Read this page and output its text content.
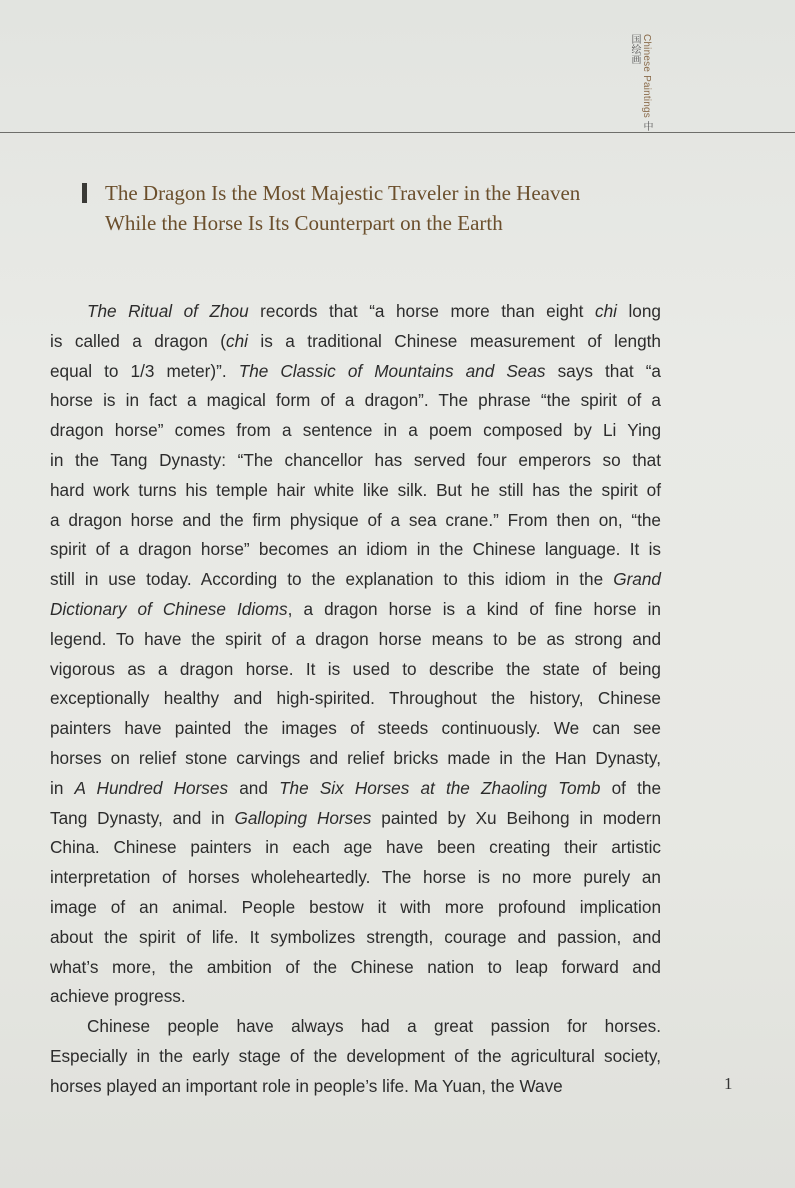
Chinese Paintings 中国绘画
The Dragon Is the Most Majestic Traveler in the Heaven
While the Horse Is Its Counterpart on the Earth

The Ritual of Zhou records that “a horse more than eight chi long
is called a dragon (chi is a traditional Chinese measurement of length
equal to 1/3 meter)”. The Classic of Mountains and Seas says that “a
horse is in fact a magical form of a dragon”. The phrase “the spirit of a
dragon horse” comes from a sentence in a poem composed by Li Ying
in the Tang Dynasty: “The chancellor has served four emperors so that
hard work turns his temple hair white like silk. But he still has the spirit of
a dragon horse and the firm physique of a sea crane.” From then on, “the
spirit of a dragon horse” becomes an idiom in the Chinese language. It is
still in use today. According to the explanation to this idiom in the Grand
Dictionary of Chinese Idioms, a dragon horse is a kind of fine horse in
legend. To have the spirit of a dragon horse means to be as strong and
vigorous as a dragon horse. It is used to describe the state of being
exceptionally healthy and high-spirited. Throughout the history, Chinese
painters have painted the images of steeds continuously. We can see
horses on relief stone carvings and relief bricks made in the Han Dynasty,
in A Hundred Horses and The Six Horses at the Zhaoling Tomb of the
Tang Dynasty, and in Galloping Horses painted by Xu Beihong in modern
China. Chinese painters in each age have been creating their artistic
interpretation of horses wholeheartedly. The horse is no more purely an
image of an animal. People bestow it with more profound implication
about the spirit of life. It symbolizes strength, courage and passion, and
what’s more, the ambition of the Chinese nation to leap forward and
achieve progress.

Chinese people have always had a great passion for horses.
Especially in the early stage of the development of the agricultural society,
horses played an important role in people’s life. Ma Yuan, the Wave	1
